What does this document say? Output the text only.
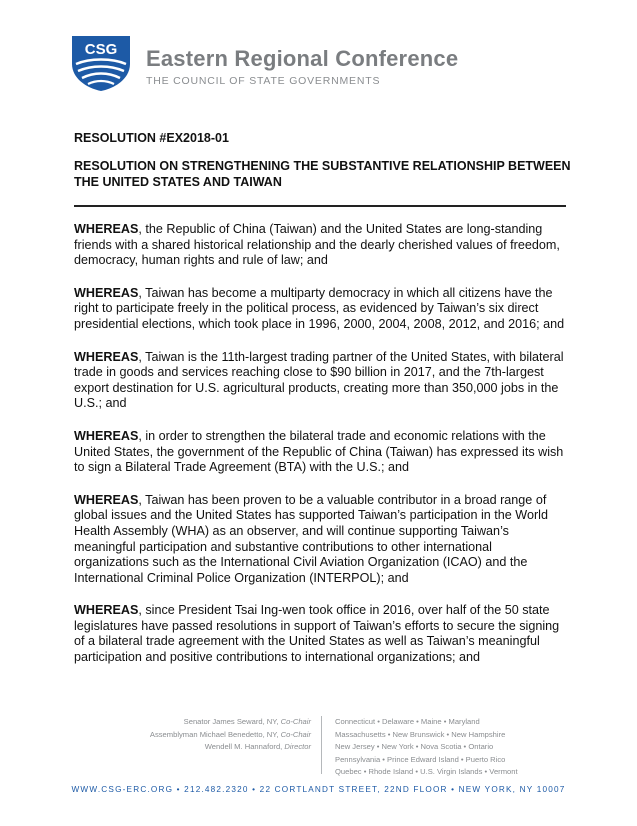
CSG Eastern Regional Conference
THE COUNCIL OF STATE GOVERNMENTS
RESOLUTION #EX2018-01
RESOLUTION ON STRENGTHENING THE SUBSTANTIVE RELATIONSHIP BETWEEN THE UNITED STATES AND TAIWAN

WHEREAS, the Republic of China (Taiwan) and the United States are long-standing friends with a shared historical relationship and the dearly cherished values of freedom, democracy, human rights and rule of law; and

WHEREAS, Taiwan has become a multiparty democracy in which all citizens have the right to participate freely in the political process, as evidenced by Taiwan’s six direct presidential elections, which took place in 1996, 2000, 2004, 2008, 2012, and 2016; and

WHEREAS, Taiwan is the 11th-largest trading partner of the United States, with bilateral trade in goods and services reaching close to $90 billion in 2017, and the 7th-largest export destination for U.S. agricultural products, creating more than 350,000 jobs in the U.S.; and

WHEREAS, in order to strengthen the bilateral trade and economic relations with the United States, the government of the Republic of China (Taiwan) has expressed its wish to sign a Bilateral Trade Agreement (BTA) with the U.S.; and

WHEREAS, Taiwan has been proven to be a valuable contributor in a broad range of global issues and the United States has supported Taiwan’s participation in the World Health Assembly (WHA) as an observer, and will continue supporting Taiwan’s meaningful participation and substantive contributions to other international organizations such as the International Civil Aviation Organization (ICAO) and the International Criminal Police Organization (INTERPOL); and

WHEREAS, since President Tsai Ing-wen took office in 2016, over half of the 50 state legislatures have passed resolutions in support of Taiwan’s efforts to secure the signing of a bilateral trade agreement with the United States as well as Taiwan’s meaningful participation and positive contributions to international organizations; and

Senator James Seward, NY, Co-Chair
Assemblyman Michael Benedetto, NY, Co-Chair
Wendell M. Hannaford, Director
Connecticut • Delaware • Maine • Maryland
Massachusetts • New Brunswick • New Hampshire
New Jersey • New York • Nova Scotia • Ontario
Pennsylvania • Prince Edward Island • Puerto Rico
Quebec • Rhode Island • U.S. Virgin Islands • Vermont
WWW.CSG-ERC.ORG • 212.482.2320 • 22 CORTLANDT STREET, 22ND FLOOR • NEW YORK, NY 10007
